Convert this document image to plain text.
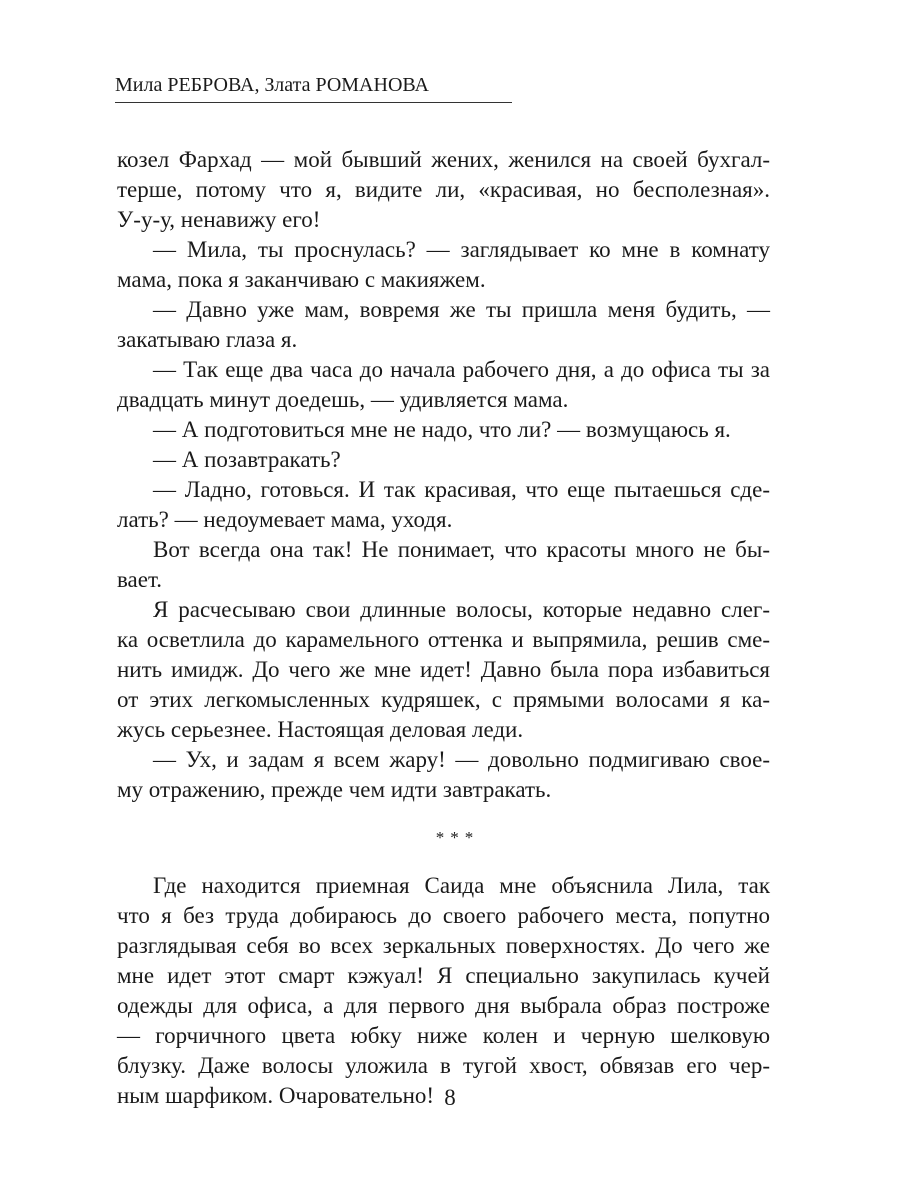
Мила РЕБРОВА, Злата РОМАНОВА
козел Фархад — мой бывший жених, женился на своей бухгал-
терше, потому что я, видите ли, «красивая, но бесполезная».
У-у-у, ненавижу его!
— Мила, ты проснулась? — заглядывает ко мне в комнату
мама, пока я заканчиваю с макияжем.
— Давно уже мам, вовремя же ты пришла меня будить, —
закатываю глаза я.
— Так еще два часа до начала рабочего дня, а до офиса ты за
двадцать минут доедешь, — удивляется мама.
— А подготовиться мне не надо, что ли? — возмущаюсь я.
— А позавтракать?
— Ладно, готовься. И так красивая, что еще пытаешься сде-
лать? — недоумевает мама, уходя.
Вот всегда она так! Не понимает, что красоты много не бы-
вает.
Я расчесываю свои длинные волосы, которые недавно слег-
ка осветлила до карамельного оттенка и выпрямила, решив сме-
нить имидж. До чего же мне идет! Давно была пора избавиться
от этих легкомысленных кудряшек, с прямыми волосами я ка-
жусь серьезнее. Настоящая деловая леди.
— Ух, и задам я всем жару! — довольно подмигиваю свое-
му отражению, прежде чем идти завтракать.
***
Где находится приемная Саида мне объяснила Лила, так
что я без труда добираюсь до своего рабочего места, попутно
разглядывая себя во всех зеркальных поверхностях. До чего же
мне идет этот смарт кэжуал! Я специально закупилась кучей
одежды для офиса, а для первого дня выбрала образ построже
— горчичного цвета юбку ниже колен и черную шелковую
блузку. Даже волосы уложила в тугой хвост, обвязав его чер-
ным шарфиком. Очаровательно! 8
